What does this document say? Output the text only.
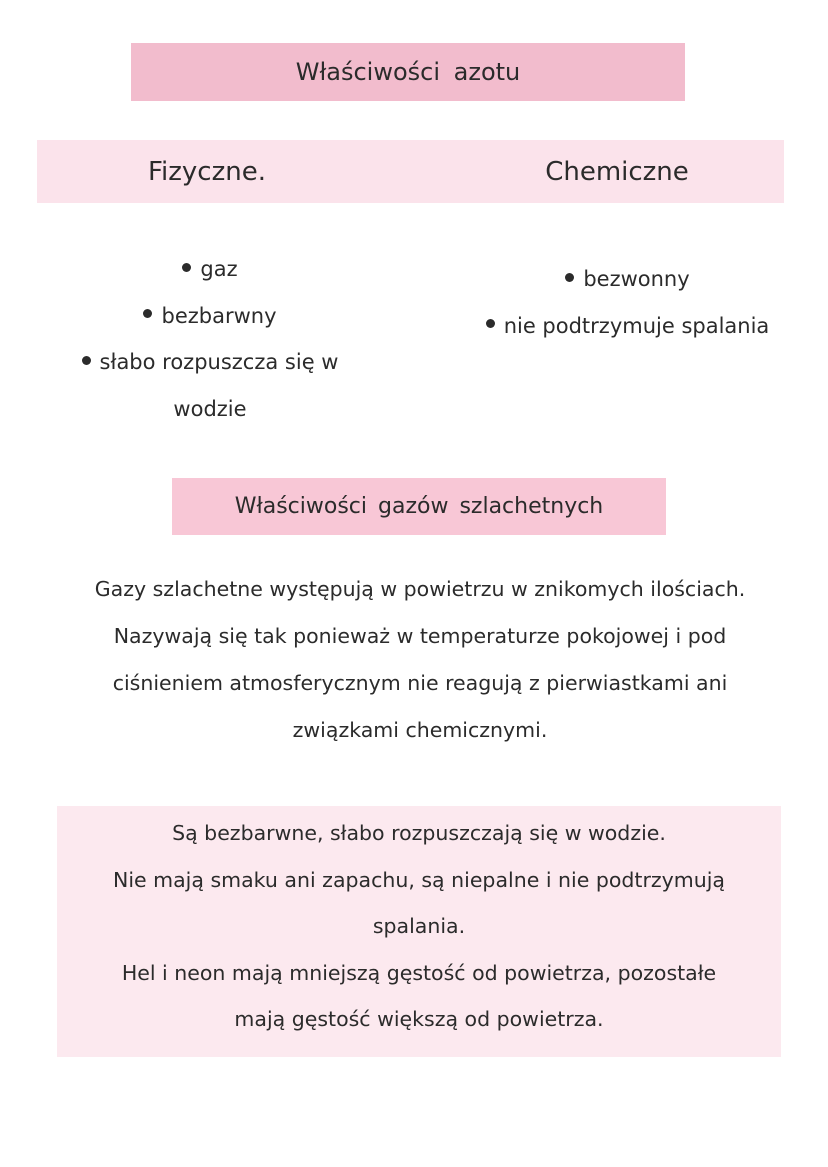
Właściwości azotu
Fizyczne.	Chemiczne
gaz
bezbarwny
słabo rozpuszcza się w wodzie
bezwonny
nie podtrzymuje spalania
Właściwości gazów szlachetnych

Gazy szlachetne występują w powietrzu w znikomych ilościach.
Nazywają się tak ponieważ w temperaturze pokojowej i pod
ciśnieniem atmosferycznym nie reagują z pierwiastkami ani
związkami chemicznymi.

Są bezbarwne, słabo rozpuszczają się w wodzie.
Nie mają smaku ani zapachu, są niepalne i nie podtrzymują
spalania.
Hel i neon mają mniejszą gęstość od powietrza, pozostałe
mają gęstość większą od powietrza.
